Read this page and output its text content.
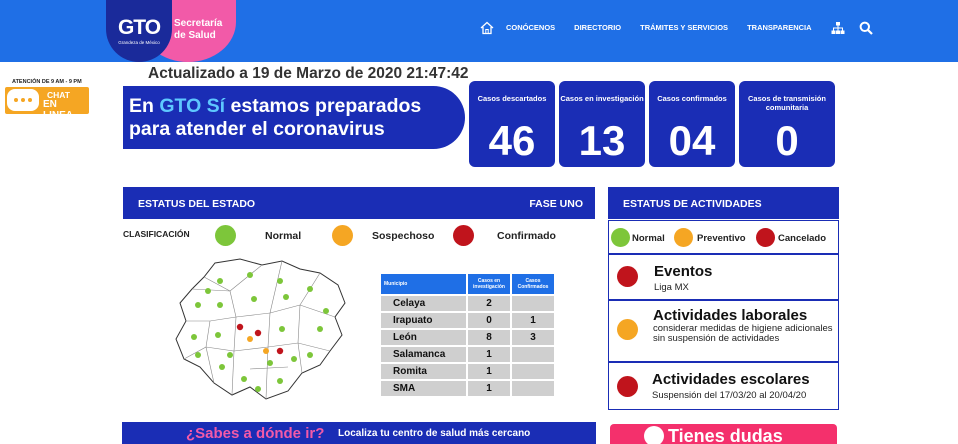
GTO
Grandeza de México
Secretaría
de Salud
CONÓCENOS	DIRECTORIO	TRÁMITES Y SERVICIOS	TRANSPARENCIA
ATENCIÓN DE 9 AM - 9 PM
CHAT
EN LINEA
Actualizado a 19 de Marzo de 2020 21:47:42
En GTO Sí estamos preparados
para atender el coronavirus
Casos descartados
46
Casos en investigación
13
Casos confirmados
04
Casos de transmisión comunitaria
0
ESTATUS DEL ESTADO	FASE UNO
CLASIFICACIÓN	Normal	Sospechoso	Confirmado
Municipio	Casos en investigación	Casos Confirmados
Celaya	2	
Irapuato	0	1
León	8	3
Salamanca	1	
Romita	1	
SMA	1	
ESTATUS DE ACTIVIDADES
Normal	Preventivo	Cancelado
Eventos
Liga MX
Actividades laborales
considerar medidas de higiene adicionales sin suspensión de actividades
Actividades escolares
Suspensión del 17/03/20 al 20/04/20
¿Sabes a dónde ir? Localiza tu centro de salud más cercano	Tienes dudas
